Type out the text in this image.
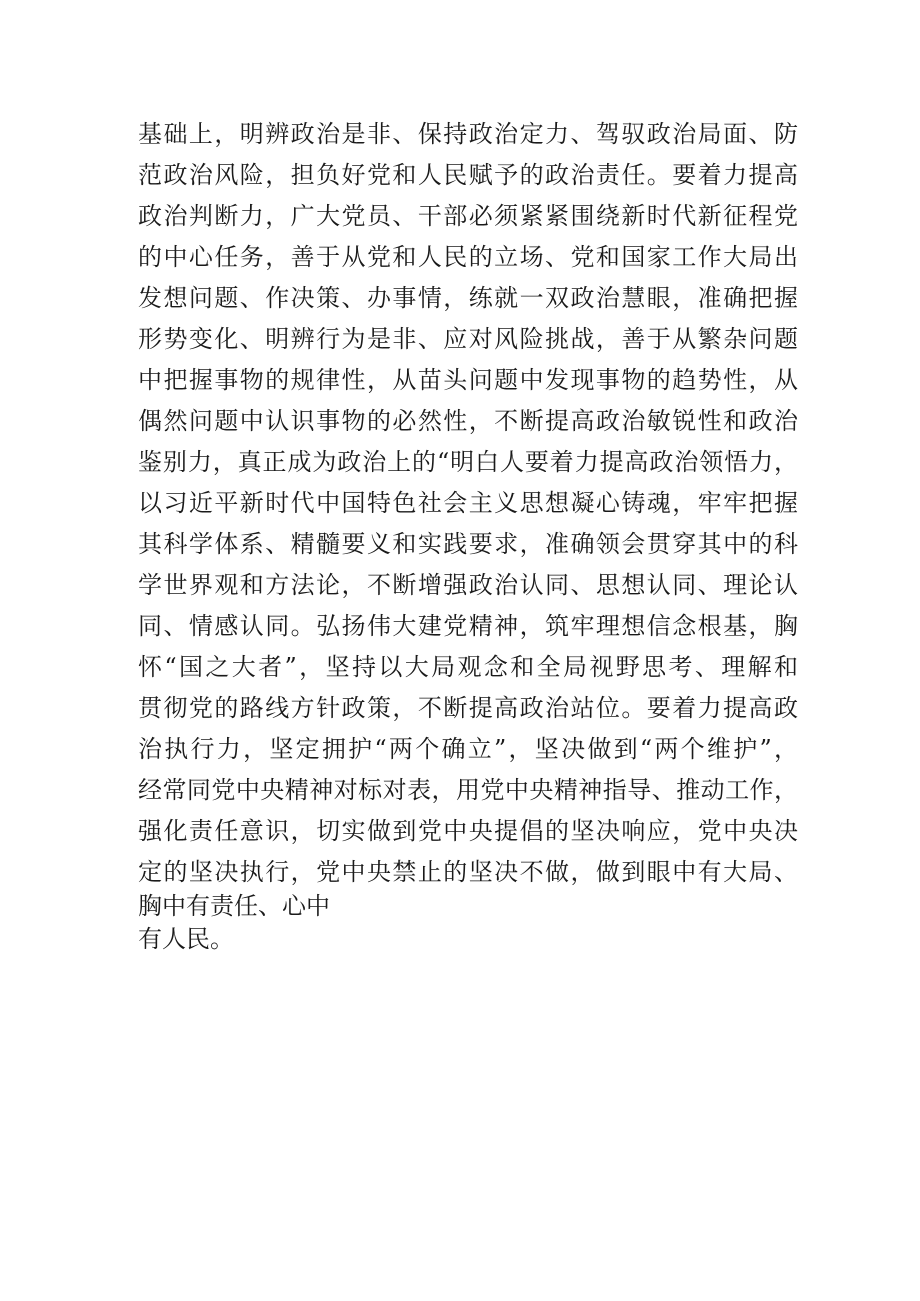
基础上，明辨政治是非、保持政治定力、驾驭政治局面、防
范政治风险，担负好党和人民赋予的政治责任。要着力提高
政治判断力，广大党员、干部必须紧紧围绕新时代新征程党
的中心任务，善于从党和人民的立场、党和国家工作大局出
发想问题、作决策、办事情，练就一双政治慧眼，准确把握
形势变化、明辨行为是非、应对风险挑战，善于从繁杂问题
中把握事物的规律性，从苗头问题中发现事物的趋势性，从
偶然问题中认识事物的必然性，不断提高政治敏锐性和政治
鉴别力，真正成为政治上的“明白人要着力提高政治领悟力，
以习近平新时代中国特色社会主义思想凝心铸魂，牢牢把握
其科学体系、精髓要义和实践要求，准确领会贯穿其中的科
学世界观和方法论，不断增强政治认同、思想认同、理论认
同、情感认同。弘扬伟大建党精神，筑牢理想信念根基，胸
怀“国之大者”，坚持以大局观念和全局视野思考、理解和
贯彻党的路线方针政策，不断提高政治站位。要着力提高政
治执行力，坚定拥护“两个确立”，坚决做到“两个维护”，
经常同党中央精神对标对表，用党中央精神指导、推动工作，
强化责任意识，切实做到党中央提倡的坚决响应，党中央决
定的坚决执行，党中央禁止的坚决不做，做到眼中有大局、
胸中有责任、心中
有人民。
